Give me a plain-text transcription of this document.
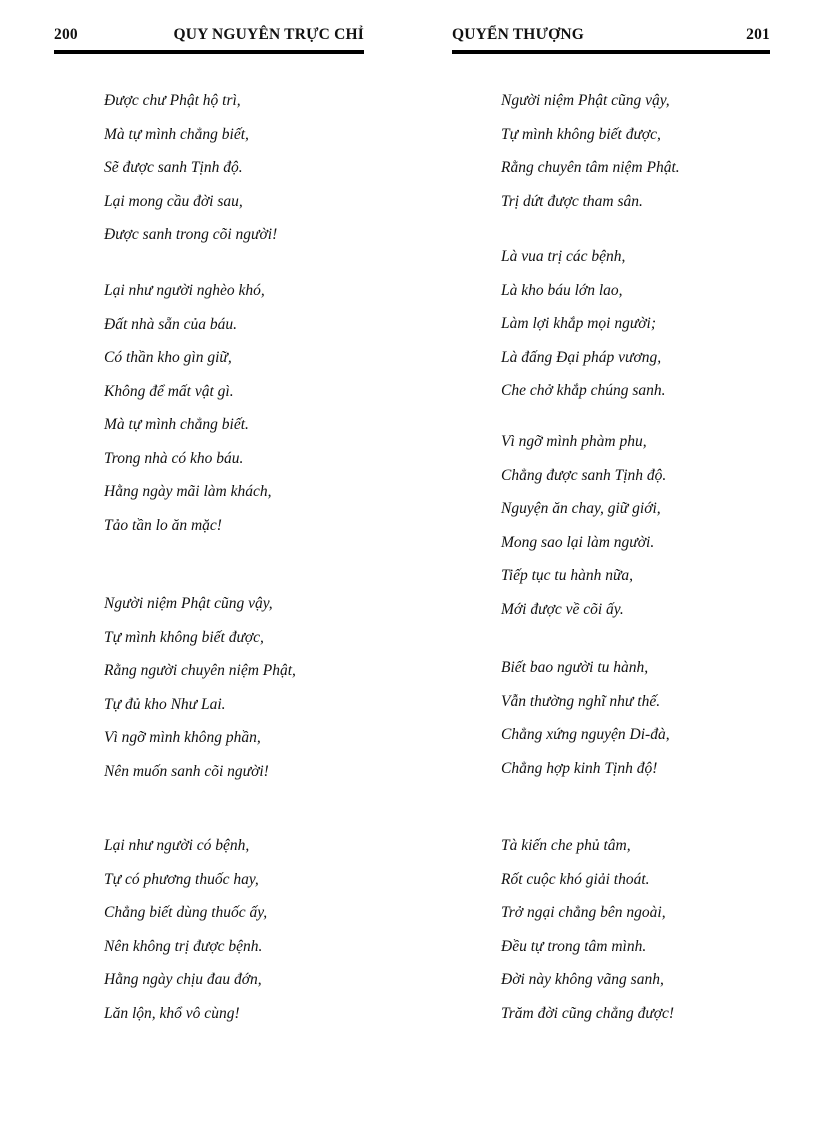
200	QUY NGUYÊN TRỰC CHỈ
Được chư Phật hộ trì,
Mà tự mình chẳng biết,
Sẽ được sanh Tịnh độ.
Lại mong cầu đời sau,
Được sanh trong cõi người!
Lại như người nghèo khó,
Đất nhà sẵn của báu.
Có thần kho gìn giữ,
Không để mất vật gì.
Mà tự mình chẳng biết.
Trong nhà có kho báu.
Hằng ngày mãi làm khách,
Tảo tần lo ăn mặc!
Người niệm Phật cũng vậy,
Tự mình không biết được,
Rằng người chuyên niệm Phật,
Tự đủ kho Như Lai.
Vì ngỡ mình không phần,
Nên muốn sanh cõi người!
Lại như người có bệnh,
Tự có phương thuốc hay,
Chẳng biết dùng thuốc ấy,
Nên không trị được bệnh.
Hằng ngày chịu đau đớn,
Lăn lộn, khổ vô cùng!
QUYỂN THƯỢNG	201
Người niệm Phật cũng vậy,
Tự mình không biết được,
Rằng chuyên tâm niệm Phật.
Trị dứt được tham sân.
Là vua trị các bệnh,
Là kho báu lớn lao,
Làm lợi khắp mọi người;
Là đấng Đại pháp vương,
Che chở khắp chúng sanh.
Vì ngỡ mình phàm phu,
Chẳng được sanh Tịnh độ.
Nguyện ăn chay, giữ giới,
Mong sao lại làm người.
Tiếp tục tu hành nữa,
Mới được về cõi ấy.
Biết bao người tu hành,
Vẫn thường nghĩ như thế.
Chẳng xứng nguyện Di-đà,
Chẳng hợp kinh Tịnh độ!
Tà kiến che phủ tâm,
Rốt cuộc khó giải thoát.
Trở ngại chẳng bên ngoài,
Đều tự trong tâm mình.
Đời này không vãng sanh,
Trăm đời cũng chẳng được!
